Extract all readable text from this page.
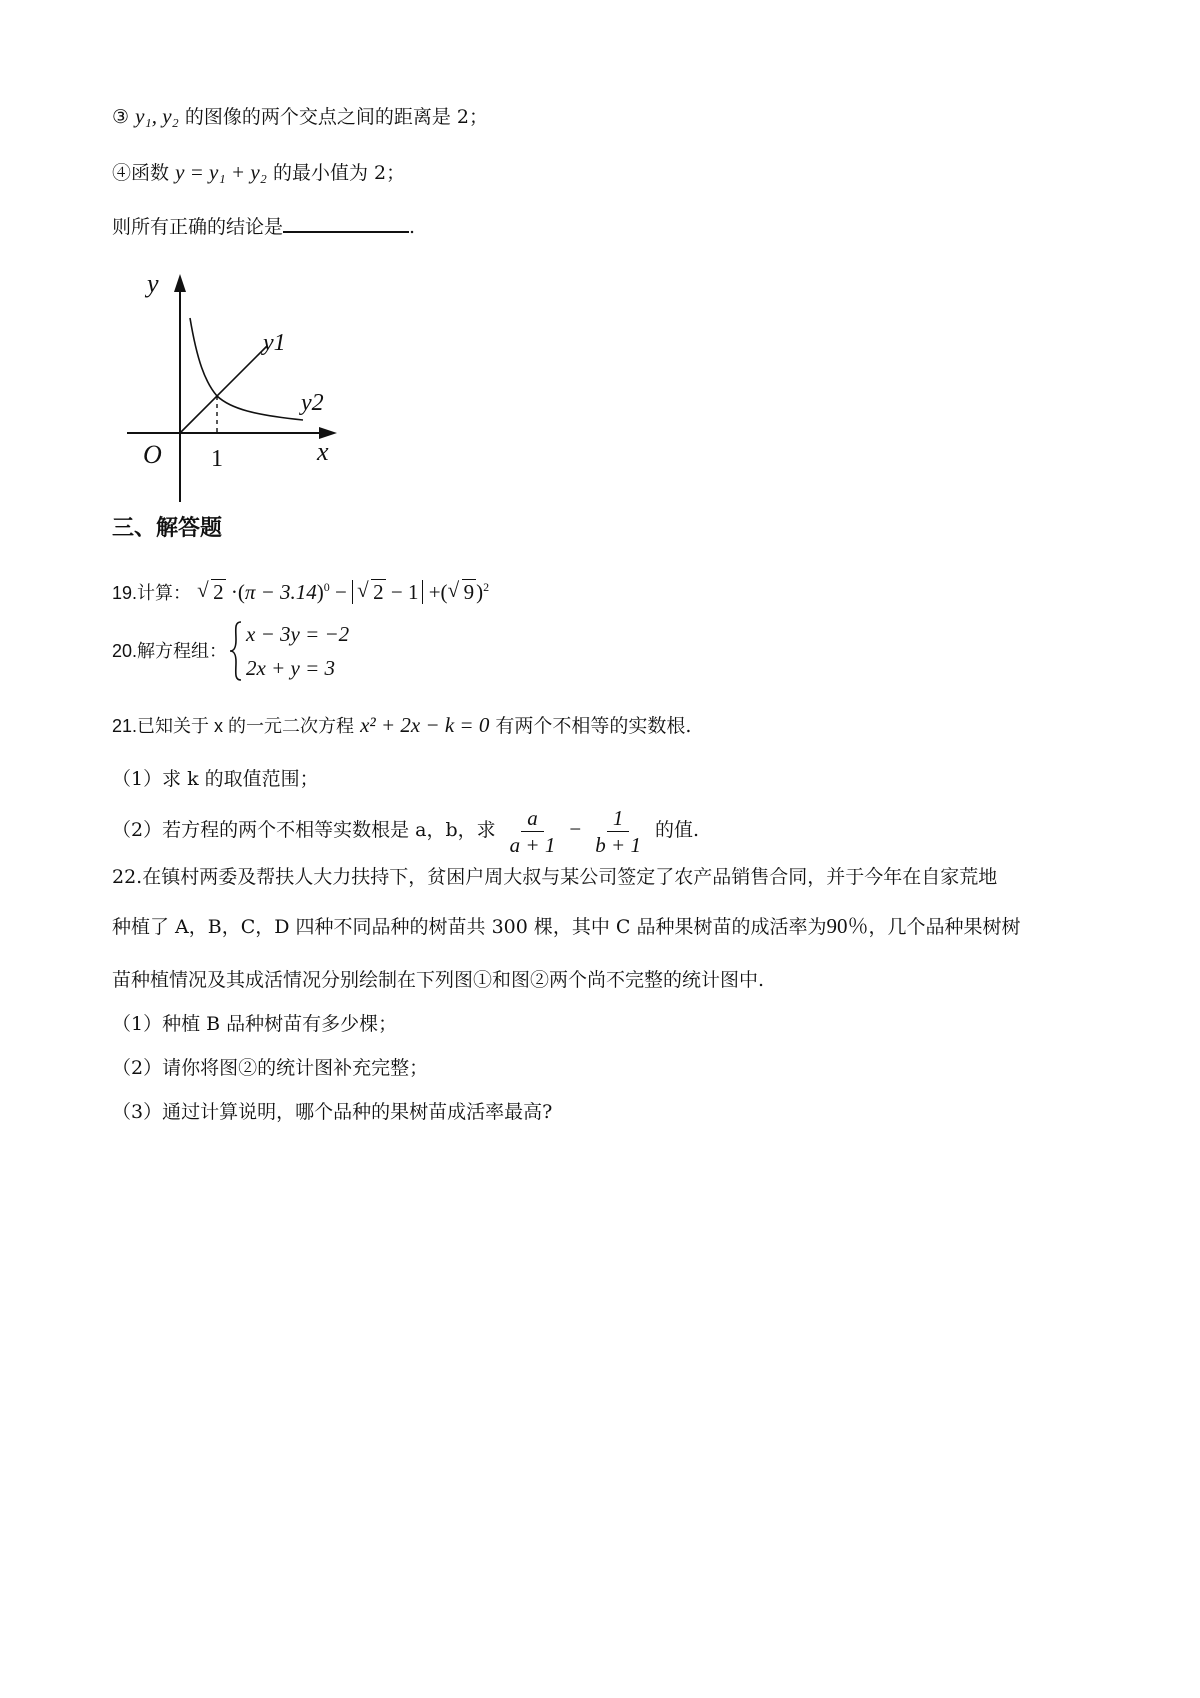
③ y₁, y₂ 的图像的两个交点之间的距离是 2；
④函数 y = y₁ + y₂ 的最小值为 2；
则所有正确的结论是	.
y
x
O 1
y1
y2
三、解答题
19.计算： √ $2 \cdot(\pi - 3.14)^0$ − √ 2 − 1 +( √ 9)$^2$
20.解方程组：
x − 3y = −2
2x + y = 3
21.已知关于 x 的一元二次方程 x² + 2x − k = 0 有两个不相等的实数根.
（1）求 k 的取值范围；
（2）若方程的两个不相等实数根是 a，b，求 $\frac{a}{a + 1} - \frac{1}{b + 1}$ 的值.
22.在镇村两委及帮扶人大力扶持下，贫困户周大叔与某公司签定了农产品销售合同，并于今年在自家荒地
种植了 A，B，C，D 四种不同品种的树苗共 300 棵，其中 C 品种果树苗的成活率为90％，几个品种果树树
苗种植情况及其成活情况分别绘制在下列图①和图②两个尚不完整的统计图中.
（1）种植 B 品种树苗有多少棵；
（2）请你将图②的统计图补充完整；
（3）通过计算说明，哪个品种的果树苗成活率最高?
